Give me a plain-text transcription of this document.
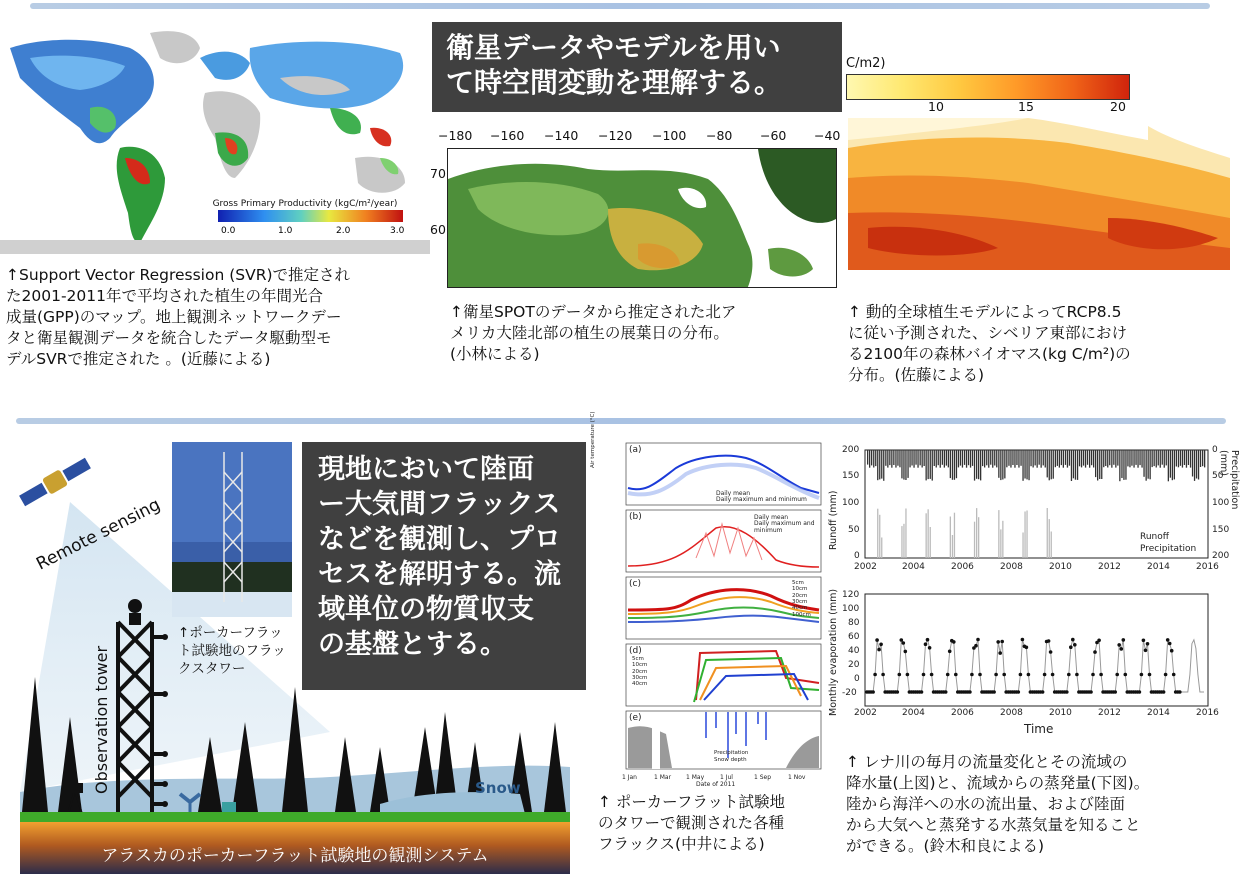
Gross Primary Productivity (kgC/m²/year)
0.0	1.0	2.0	3.0
↑Support Vector Regression (SVR)で推定され
た2001-2011年で平均された植生の年間光合
成量(GPP)のマップ。地上観測ネットワークデー
タと衛星観測データを統合したデータ駆動型モ
デルSVRで推定された 。(近藤による)
衛星データやモデルを用い
て時空間変動を理解する。
−180 −160 −140 −120 −100 −80 −60 −40
70
60
↑衛星SPOTのデータから推定された北ア
メリカ大陸北部の植生の展葉日の分布。
(小林による)
C/m2)
10	15	20
↑ 動的全球植生モデルによってRCP8.5
に従い予測された、シベリア東部におけ
る2100年の森林バイオマス(kg C/m²)の
分布。(佐藤による)
Remote sensing
Observation tower	Snow
アラスカのポーカーフラット試験地の観測システム
↑ポーカーフラッ
ト試験地のフラッ
クスタワー
現地において陸面
ー大気間フラックス
などを観測し、プロ
セスを解明する。流
域単位の物質収支
の基盤とする。
(a)
(b)
(c)
(d)
(e)
Daily mean
Daily maximum and minimum
Daily mean
Daily maximum and minimum
5cm
10cm
20cm
30cm
40cm
100cm
5cm
10cm
20cm
30cm
40cm
Precipitation
Snow depth
Air temperature (°C)
1 Jan	1 Mar 1 May	1 Jul	1 Sep	1 Nov
Date of 2011
↑ ポーカーフラット試験地
のタワーで観測された各種
フラックス(中井による)
200
150
100
50
0
0
50
100
150
200
Runoff (mm)
Precipitation (mm)
Runoff
Precipitation
2002	2004	2006	2008	2010	2012	2014	2016
120
100
80
60
40
20
0
-20
Monthly evaporation (mm) 2002	2004	2006	2008	2010	2012	2014	2016
Time
↑ レナ川の毎月の流量変化とその流域の
降水量(上図)と、流域からの蒸発量(下図)。
陸から海洋への水の流出量、および陸面
から大気へと蒸発する水蒸気量を知ること
ができる。(鈴木和良による)
